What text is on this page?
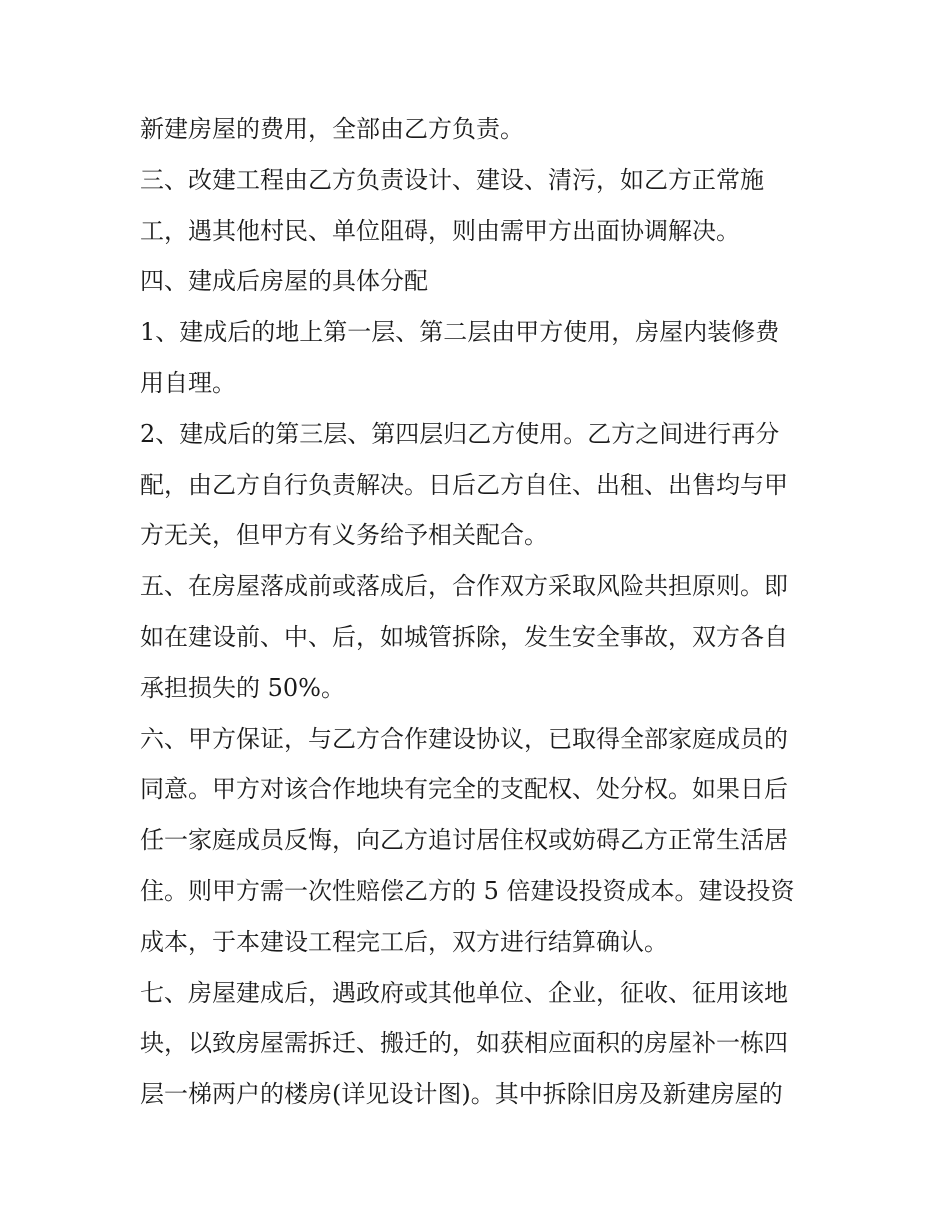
新建房屋的费用，全部由乙方负责。
三、改建工程由乙方负责设计、建设、清污，如乙方正常施
工，遇其他村民、单位阻碍，则由需甲方出面协调解决。
四、建成后房屋的具体分配
1、建成后的地上第一层、第二层由甲方使用，房屋内装修费
用自理。
2、建成后的第三层、第四层归乙方使用。乙方之间进行再分
配，由乙方自行负责解决。日后乙方自住、出租、出售均与甲
方无关，但甲方有义务给予相关配合。
五、在房屋落成前或落成后，合作双方采取风险共担原则。即
如在建设前、中、后，如城管拆除，发生安全事故，双方各自
承担损失的 50%。
六、甲方保证，与乙方合作建设协议，已取得全部家庭成员的
同意。甲方对该合作地块有完全的支配权、处分权。如果日后
任一家庭成员反悔，向乙方追讨居住权或妨碍乙方正常生活居
住。则甲方需一次性赔偿乙方的 5 倍建设投资成本。建设投资
成本，于本建设工程完工后，双方进行结算确认。
七、房屋建成后，遇政府或其他单位、企业，征收、征用该地
块，以致房屋需拆迁、搬迁的，如获相应面积的房屋补一栋四
层一梯两户的楼房(详见设计图)。其中拆除旧房及新建房屋的
